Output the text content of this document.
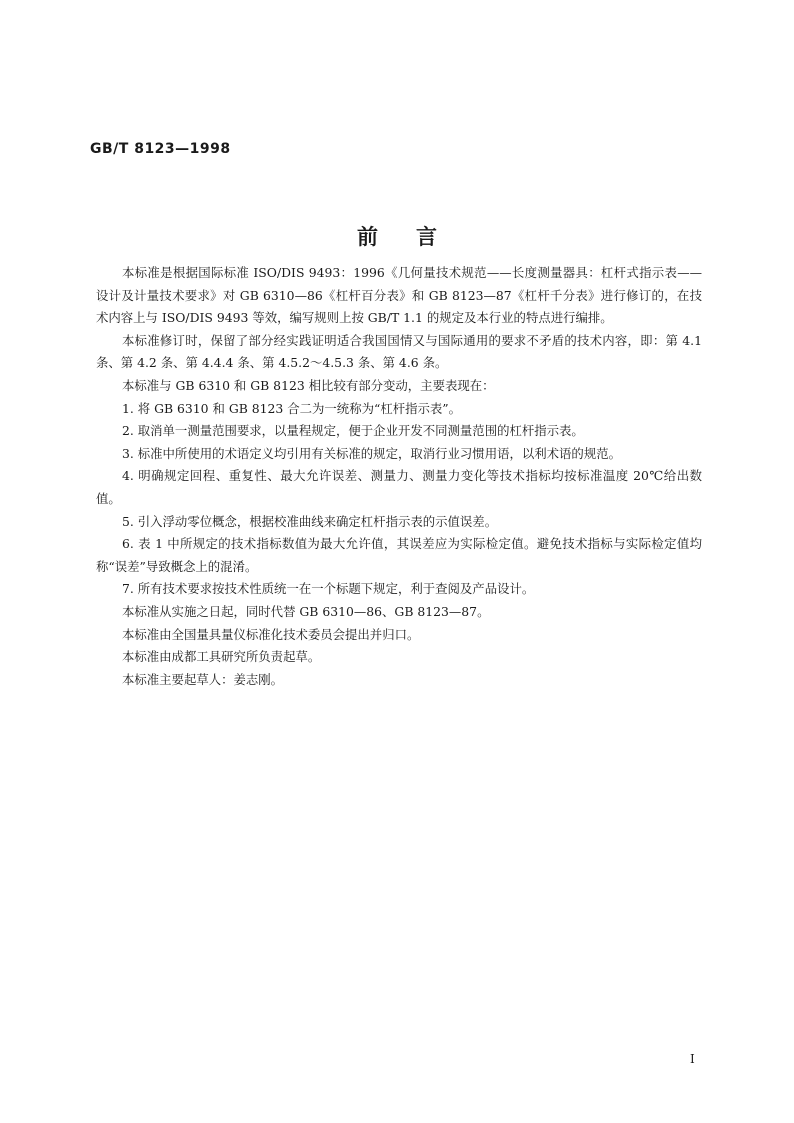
GB/T 8123—1998
前言

本标准是根据国际标准 ISO/DIS 9493：1996《几何量技术规范——长度测量器具：杠杆式指示表——设计及计量技术要求》对 GB 6310—86《杠杆百分表》和 GB 8123—87《杠杆千分表》进行修订的，在技术内容上与 ISO/DIS 9493 等效，编写规则上按 GB/T 1.1 的规定及本行业的特点进行编排。

本标准修订时，保留了部分经实践证明适合我国国情又与国际通用的要求不矛盾的技术内容，即：第 4.1 条、第 4.2 条、第 4.4.4 条、第 4.5.2～4.5.3 条、第 4.6 条。

本标准与 GB 6310 和 GB 8123 相比较有部分变动，主要表现在：

1. 将 GB 6310 和 GB 8123 合二为一统称为“杠杆指示表”。

2. 取消单一测量范围要求，以量程规定，便于企业开发不同测量范围的杠杆指示表。

3. 标准中所使用的术语定义均引用有关标准的规定，取消行业习惯用语，以利术语的规范。

4. 明确规定回程、重复性、最大允许误差、测量力、测量力变化等技术指标均按标准温度 20℃给出数值。

5. 引入浮动零位概念，根据校准曲线来确定杠杆指示表的示值误差。

6. 表 1 中所规定的技术指标数值为最大允许值，其误差应为实际检定值。避免技术指标与实际检定值均称“误差”导致概念上的混淆。

7. 所有技术要求按技术性质统一在一个标题下规定，利于查阅及产品设计。

本标准从实施之日起，同时代替 GB 6310—86、GB 8123—87。

本标准由全国量具量仪标准化技术委员会提出并归口。

本标准由成都工具研究所负责起草。

本标准主要起草人：姜志刚。

I
